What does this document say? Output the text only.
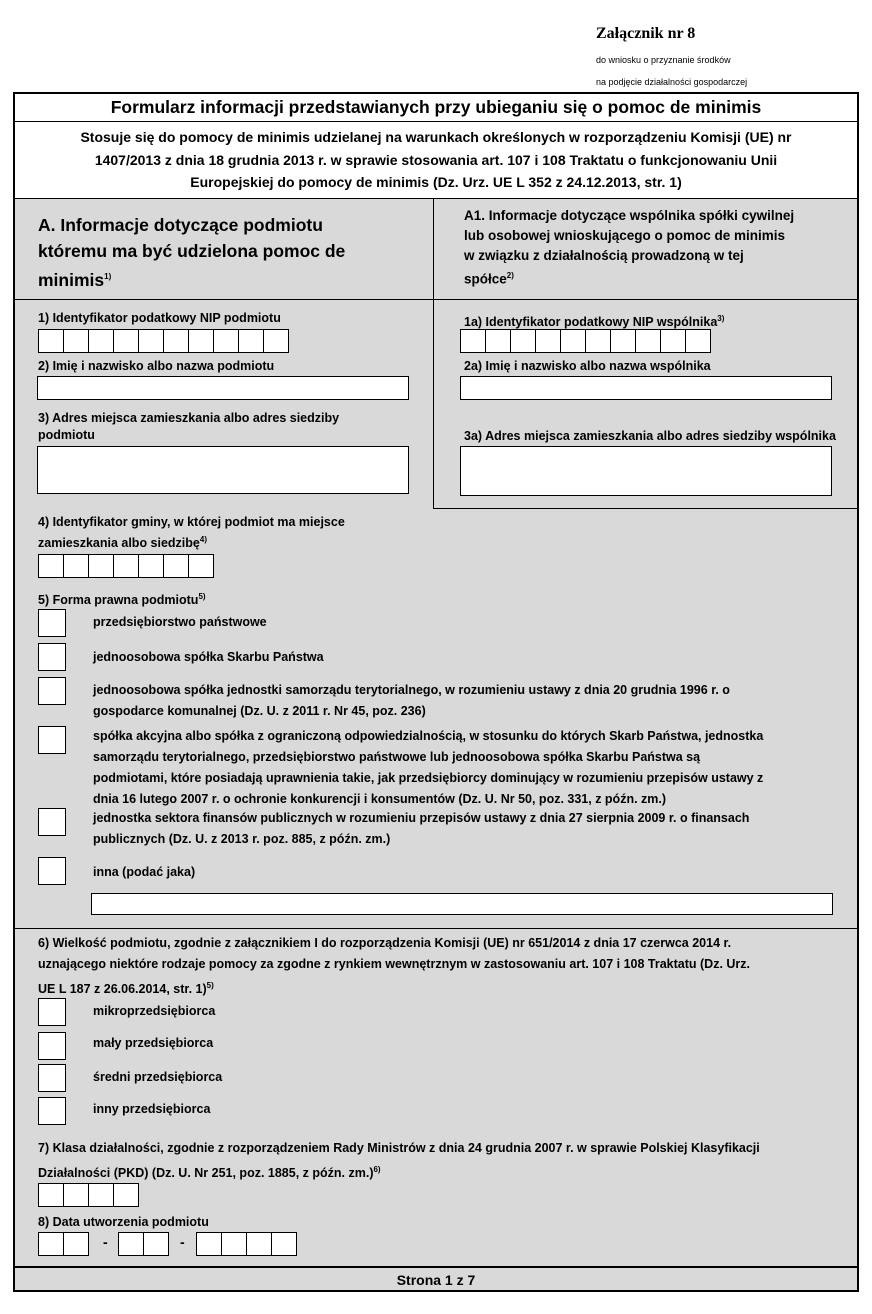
Załącznik nr 8
do wniosku o przyznanie środków
na podjęcie działalności gospodarczej
Formularz informacji przedstawianych przy ubieganiu się o pomoc de minimis
Stosuje się do pomocy de minimis udzielanej na warunkach określonych w rozporządzeniu Komisji (UE) nr
1407/2013 z dnia 18 grudnia 2013 r. w sprawie stosowania art. 107 i 108 Traktatu o funkcjonowaniu Unii
Europejskiej do pomocy de minimis (Dz. Urz. UE L 352 z 24.12.2013, str. 1)
A. Informacje dotyczące podmiotu
któremu ma być udzielona pomoc de
minimis$^{1)}$
A1. Informacje dotyczące wspólnika spółki cywilnej
lub osobowej wnioskującego o pomoc de minimis
w związku z działalnością prowadzoną w tej
spółce$^{2)}$
1) Identyfikator podatkowy NIP podmiotu	1a) Identyfikator podatkowy NIP wspólnika$^{3)}$
2) Imię i nazwisko albo nazwa podmiotu	2a) Imię i nazwisko albo nazwa wspólnika
3) Adres miejsca zamieszkania albo adres siedziby
podmiotu	3a) Adres miejsca zamieszkania albo adres siedziby wspólnika
4) Identyfikator gminy, w której podmiot ma miejsce
zamieszkania albo siedzibę$^{4)}$
5) Forma prawna podmiotu$^{5)}$
przedsiębiorstwo państwowe
jednoosobowa spółka Skarbu Państwa
jednoosobowa spółka jednostki samorządu terytorialnego, w rozumieniu ustawy z dnia 20 grudnia 1996 r. o
gospodarce komunalnej (Dz. U. z 2011 r. Nr 45, poz. 236)
spółka akcyjna albo spółka z ograniczoną odpowiedzialnością, w stosunku do których Skarb Państwa, jednostka
samorządu terytorialnego, przedsiębiorstwo państwowe lub jednoosobowa spółka Skarbu Państwa są
podmiotami, które posiadają uprawnienia takie, jak przedsiębiorcy dominujący w rozumieniu przepisów ustawy z
dnia 16 lutego 2007 r. o ochronie konkurencji i konsumentów (Dz. U. Nr 50, poz. 331, z późn. zm.)
jednostka sektora finansów publicznych w rozumieniu przepisów ustawy z dnia 27 sierpnia 2009 r. o finansach
publicznych (Dz. U. z 2013 r. poz. 885, z późn. zm.)
inna (podać jaka)
6) Wielkość podmiotu, zgodnie z załącznikiem I do rozporządzenia Komisji (UE) nr 651/2014 z dnia 17 czerwca 2014 r.
uznającego niektóre rodzaje pomocy za zgodne z rynkiem wewnętrznym w zastosowaniu art. 107 i 108 Traktatu (Dz. Urz.
UE L 187 z 26.06.2014, str. 1)$^{5)}$
mikroprzedsiębiorca
mały przedsiębiorca
średni przedsiębiorca
inny przedsiębiorca
7) Klasa działalności, zgodnie z rozporządzeniem Rady Ministrów z dnia 24 grudnia 2007 r. w sprawie Polskiej Klasyfikacji
Działalności (PKD) (Dz. U. Nr 251, poz. 1885, z późn. zm.)$^{6)}$
8) Data utworzenia podmiotu
-	-
Strona 1 z 7
